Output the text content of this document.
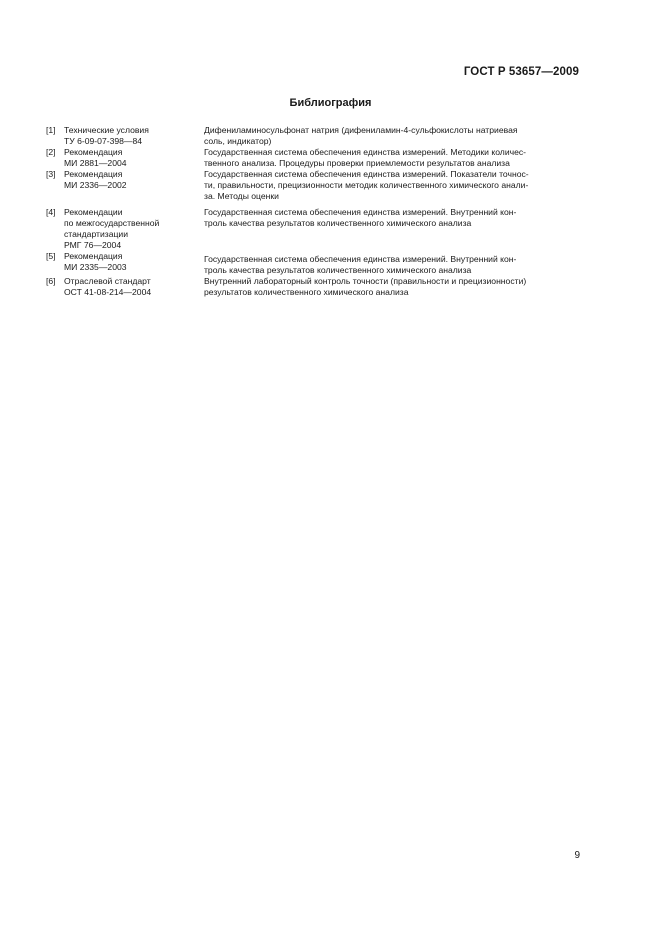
ГОСТ Р 53657—2009
Библиография
[1] Технические условия
ТУ 6-09-07-398—84
Дифениламиносульфонат натрия (дифениламин-4-сульфокислоты натриевая
соль, индикатор)
[2] Рекомендация
МИ 2881—2004
Государственная система обеспечения единства измерений. Методики количес-
твенного анализа. Процедуры проверки приемлемости результатов анализа
[3] Рекомендация
МИ 2336—2002
Государственная система обеспечения единства измерений. Показатели точнос-
ти, правильности, прецизионности методик количественного химического анали-
за. Методы оценки
[4] Рекомендации
по межгосударственной
стандартизации
РМГ 76—2004
Государственная система обеспечения единства измерений. Внутренний кон-
троль качества результатов количественного химического анализа
[5] Рекомендация
МИ 2335—2003
Государственная система обеспечения единства измерений. Внутренний кон-
троль качества результатов количественного химического анализа
[6] Отраслевой стандарт
ОСТ 41-08-214—2004
Внутренний лабораторный контроль точности (правильности и прецизионности)
результатов количественного химического анализа
9
